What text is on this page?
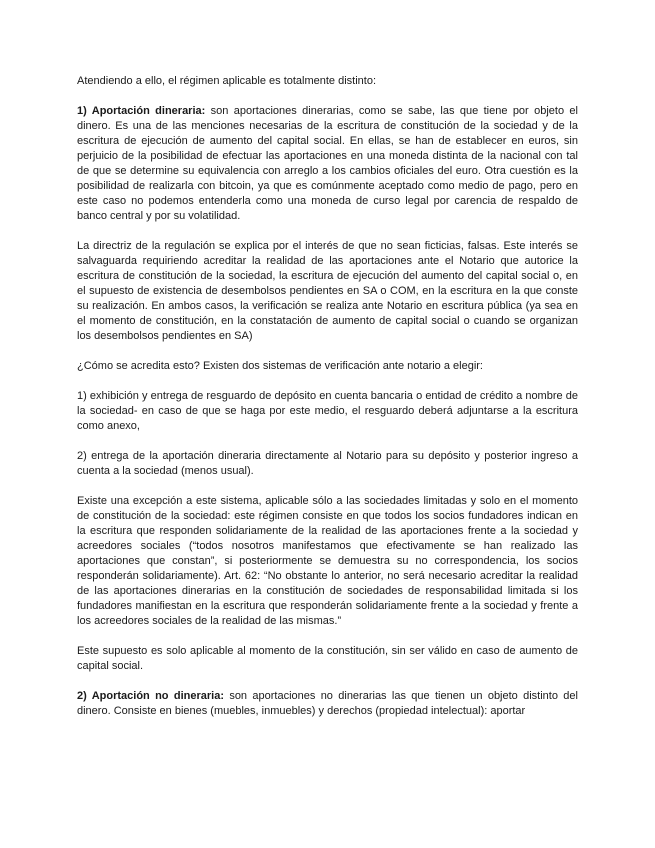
Atendiendo a ello, el régimen aplicable es totalmente distinto:

1) Aportación dineraria: son aportaciones dinerarias, como se sabe, las que tiene por objeto el dinero. Es una de las menciones necesarias de la escritura de constitución de la sociedad y de la escritura de ejecución de aumento del capital social. En ellas, se han de establecer en euros, sin perjuicio de la posibilidad de efectuar las aportaciones en una moneda distinta de la nacional con tal de que se determine su equivalencia con arreglo a los cambios oficiales del euro. Otra cuestión es la posibilidad de realizarla con bitcoin, ya que es comúnmente aceptado como medio de pago, pero en este caso no podemos entenderla como una moneda de curso legal por carencia de respaldo de banco central y por su volatilidad.

La directriz de la regulación se explica por el interés de que no sean ficticias, falsas. Este interés se salvaguarda requiriendo acreditar la realidad de las aportaciones ante el Notario que autorice la escritura de constitución de la sociedad, la escritura de ejecución del aumento del capital social o, en el supuesto de existencia de desembolsos pendientes en SA o COM, en la escritura en la que conste su realización. En ambos casos, la verificación se realiza ante Notario en escritura pública (ya sea en el momento de constitución, en la constatación de aumento de capital social o cuando se organizan los desembolsos pendientes en SA)

¿Cómo se acredita esto? Existen dos sistemas de verificación ante notario a elegir:

1) exhibición y entrega de resguardo de depósito en cuenta bancaria o entidad de crédito a nombre de la sociedad- en caso de que se haga por este medio, el resguardo deberá adjuntarse a la escritura como anexo,

2) entrega de la aportación dineraria directamente al Notario para su depósito y posterior ingreso a cuenta a la sociedad (menos usual).

Existe una excepción a este sistema, aplicable sólo a las sociedades limitadas y solo en el momento de constitución de la sociedad: este régimen consiste en que todos los socios fundadores indican en la escritura que responden solidariamente de la realidad de las aportaciones frente a la sociedad y acreedores sociales (“todos nosotros manifestamos que efectivamente se han realizado las aportaciones que constan”, si posteriormente se demuestra su no correspondencia, los socios responderán solidariamente). Art. 62: “No obstante lo anterior, no será necesario acreditar la realidad de las aportaciones dinerarias en la constitución de sociedades de responsabilidad limitada si los fundadores manifiestan en la escritura que responderán solidariamente frente a la sociedad y frente a los acreedores sociales de la realidad de las mismas.”

Este supuesto es solo aplicable al momento de la constitución, sin ser válido en caso de aumento de capital social.

2) Aportación no dineraria: son aportaciones no dinerarias las que tienen un objeto distinto del dinero. Consiste en bienes (muebles, inmuebles) y derechos (propiedad intelectual): aportar
